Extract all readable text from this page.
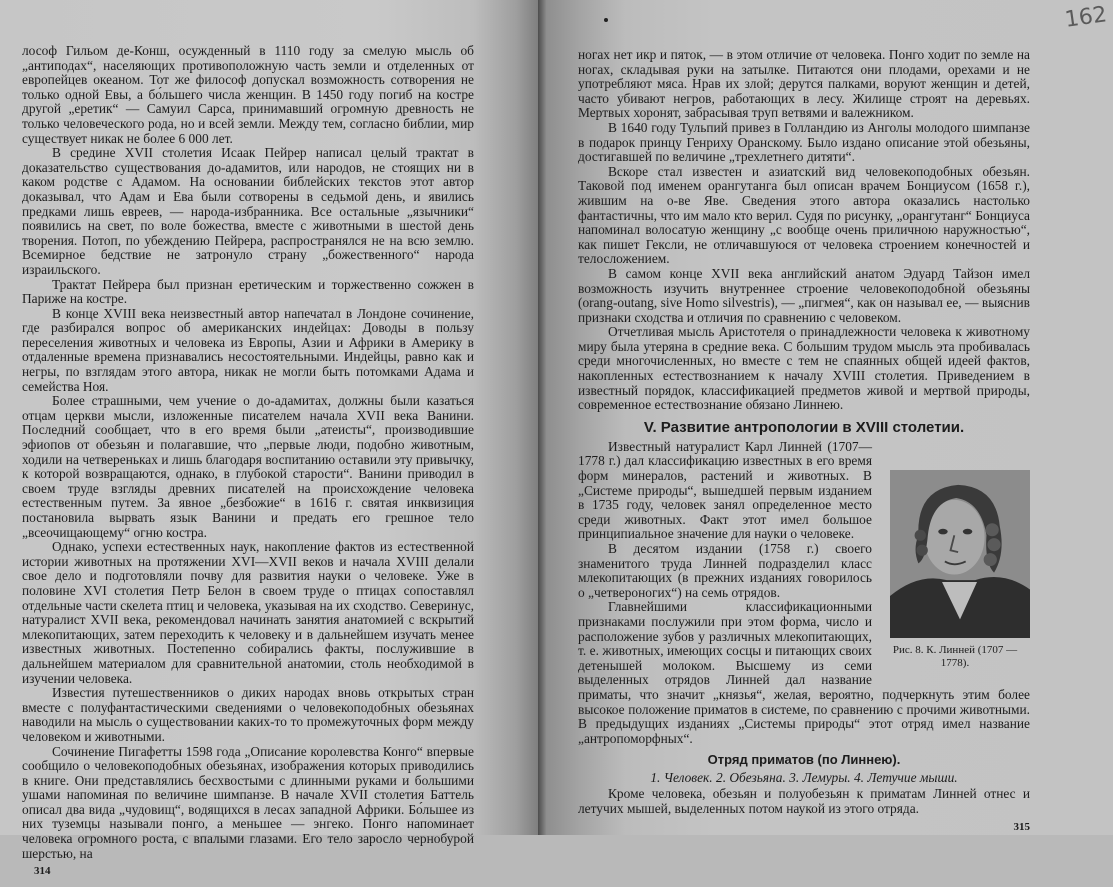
лософ Гильом де-Конш, осужденный в 1110 году за смелую мысль об „антиподах“, населяющих противоположную часть земли и отделенных от европейцев океаном. Тот же философ допускал возможность сотворения не только одной Евы, а бо́льшего числа женщин. В 1450 году погиб на костре другой „еретик“ — Самуил Сарса, принимавший огромную древность не только человеческого рода, но и всей земли. Между тем, согласно библии, мир существует никак не более 6 000 лет.

В средине XVII столетия Исаак Пейрер написал целый трактат в доказательство существования до-адамитов, или народов, не стоящих ни в каком родстве с Адамом. На основании библейских текстов этот автор доказывал, что Адам и Ева были сотворены в седьмой день, и явились предками лишь евреев, — народа-избранника. Все остальные „язычники“ появились на свет, по воле божества, вместе с животными в шестой день творения. Потоп, по убеждению Пейрера, распространялся не на всю землю. Всемирное бедствие не затронуло страну „божественного“ народа израильского.

Трактат Пейрера был признан еретическим и торжественно сожжен в Париже на костре.

В конце XVIII века неизвестный автор напечатал в Лондоне сочинение, где разбирался вопрос об американских индейцах: Доводы в пользу переселения животных и человека из Европы, Азии и Африки в Америку в отдаленные времена признавались несостоятельными. Индейцы, равно как и негры, по взглядам этого автора, никак не могли быть потомками Адама и семейства Ноя.

Более страшными, чем учение о до-адамитах, должны были казаться отцам церкви мысли, изложенные писателем начала XVII века Ванини. Последний сообщает, что в его время были „атеисты“, производившие эфиопов от обезьян и полагавшие, что „первые люди, подобно животным, ходили на четвереньках и лишь благодаря воспитанию оставили эту привычку, к которой возвращаются, однако, в глубокой старости“. Ванини приводил в своем труде взгляды древних писателей на происхождение человека естественным путем. За явное „безбожие“ в 1616 г. святая инквизиция постановила вырвать язык Ванини и предать его грешное тело „всеочищающему“ огню костра.

Однако, успехи естественных наук, накопление фактов из естественной истории животных на протяжении XVI—XVII веков и начала XVIII делали свое дело и подготовляли почву для развития науки о человеке. Уже в половине XVI столетия Петр Белон в своем труде о птицах сопоставлял отдельные части скелета птиц и человека, указывая на их сходство. Северинус, натуралист XVII века, рекомендовал начинать занятия анатомией с вскрытий млекопитающих, затем переходить к человеку и в дальнейшем изучать менее известных животных. Постепенно собирались факты, послужившие в дальнейшем материалом для сравнительной анатомии, столь необходимой в изучении человека.

Известия путешественников о диких народах вновь открытых стран вместе с полуфантастическими сведениями о человекоподобных обезьянах наводили на мысль о существовании каких-то то промежуточных форм между человеком и животными.

Сочинение Пигафетты 1598 года „Описание королевства Конго“ впервые сообщило о человекоподобных обезьянах, изображения которых приводились в книге. Они представлялись бесхвостыми с длинными руками и большими ушами напоминая по величине шимпанзе. В начале XVII столетия Баттель описал два вида „чудовищ“, водящихся в лесах западной Африки. Бо́льшее из них туземцы называли понго, а меньшее — энгеко. Понго напоминает человека огромного роста, с впалыми глазами. Его тело заросло чернобурой шерстью, на

314
162

ногах нет икр и пяток, — в этом отличие от человека. Понго ходит по земле на ногах, складывая руки на затылке. Питаются они плодами, орехами и не употребляют мяса. Нрав их злой; дерутся палками, воруют женщин и детей, часто убивают негров, работающих в лесу. Жилище строят на деревьях. Мертвых хоронят, забрасывая труп ветвями и валежником.

В 1640 году Тульпий привез в Голландию из Анголы молодого шимпанзе в подарок принцу Генриху Оранскому. Было издано описание этой обезьяны, достигавшей по величине „трехлетнего дитяти“.

Вскоре стал известен и азиатский вид человекоподобных обезьян. Таковой под именем орангутанга был описан врачем Бонциусом (1658 г.), жившим на о-ве Яве. Сведения этого автора оказались настолько фантастичны, что им мало кто верил. Судя по рисунку, „орангутанг“ Бонциуса напоминал волосатую женщину „с вообще очень приличною наружностью“, как пишет Гексли, не отличавшуюся от человека строением конечностей и телосложением.

В самом конце XVII века английский анатом Эдуард Тайзон имел возможность изучить внутреннее строение человекоподобной обезьяны (orang-outang, sive Homo silvestris), — „пигмея“, как он называл ее, — выяснив признаки сходства и отличия по сравнению с человеком.

Отчетливая мысль Аристотеля о принадлежности человека к животному миру была утеряна в средние века. С большим трудом мысль эта пробивалась среди многочисленных, но вместе с тем не спаянных общей идеей фактов, накопленных естествознанием к началу XVIII столетия. Приведением в известный порядок, классификацией предметов живой и мертвой природы, современное естествознание обязано Линнею.

V. Развитие антропологии в XVIII столетии.
Рис. 8. К. Линней (1707 — 1778).

Известный натуралист Карл Линней (1707—1778 г.) дал классификацию известных в его время форм минералов, растений и животных. В „Системе природы“, вышедшей первым изданием в 1735 году, человек занял определенное место среди животных. Факт этот имел большое принципиальное значение для науки о человеке.

В десятом издании (1758 г.) своего знаменитого труда Линней подразделил класс млекопитающих (в прежних изданиях говорилось о „четвероногих“) на семь отрядов.

Главнейшими классификационными признаками послужили при этом форма, число и расположение зубов у различных млекопитающих, т. е. животных, имеющих сосцы и питающих своих детенышей молоком. Высшему из семи выделенных отрядов Линней дал название приматы, что значит „князья“, желая, вероятно, подчеркнуть этим более высокое положение приматов в системе, по сравнению с прочими животными. В предыдущих изданиях „Системы природы“ этот отряд имел название „антропоморфных“.

Отряд приматов (по Линнею).
1. Человек. 2. Обезьяна. 3. Лемуры. 4. Летучие мыши.

Кроме человека, обезьян и полуобезьян к приматам Линней отнес и летучих мышей, выделенных потом наукой из этого отряда.

315
